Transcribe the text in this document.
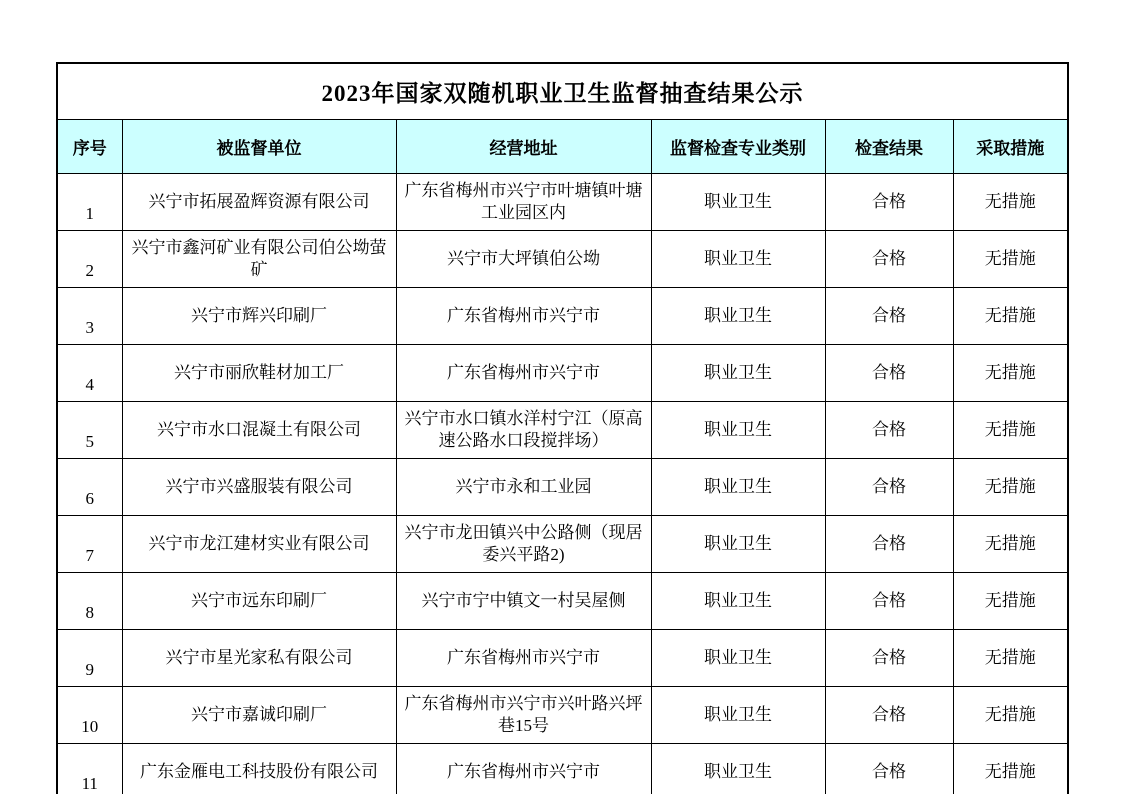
2023年国家双随机职业卫生监督抽查结果公示					
序号	被监督单位	经营地址	监督检查专业类别	检查结果	采取措施
1	兴宁市拓展盈辉资源有限公司	广东省梅州市兴宁市叶塘镇叶塘工业园区内	职业卫生	合格	无措施
2	兴宁市鑫河矿业有限公司伯公坳萤矿	兴宁市大坪镇伯公坳	职业卫生	合格	无措施
3	兴宁市辉兴印刷厂	广东省梅州市兴宁市	职业卫生	合格	无措施
4	兴宁市丽欣鞋材加工厂	广东省梅州市兴宁市	职业卫生	合格	无措施
5	兴宁市水口混凝土有限公司	兴宁市水口镇水洋村宁江（原高速公路水口段搅拌场）	职业卫生	合格	无措施
6	兴宁市兴盛服装有限公司	兴宁市永和工业园	职业卫生	合格	无措施
7	兴宁市龙江建材实业有限公司	兴宁市龙田镇兴中公路侧（现居委兴平路2)	职业卫生	合格	无措施
8	兴宁市远东印刷厂	兴宁市宁中镇文一村吴屋侧	职业卫生	合格	无措施
9	兴宁市星光家私有限公司	广东省梅州市兴宁市	职业卫生	合格	无措施
10	兴宁市嘉诚印刷厂	广东省梅州市兴宁市兴叶路兴坪巷15号	职业卫生	合格	无措施
11	广东金雁电工科技股份有限公司	广东省梅州市兴宁市	职业卫生	合格	无措施
